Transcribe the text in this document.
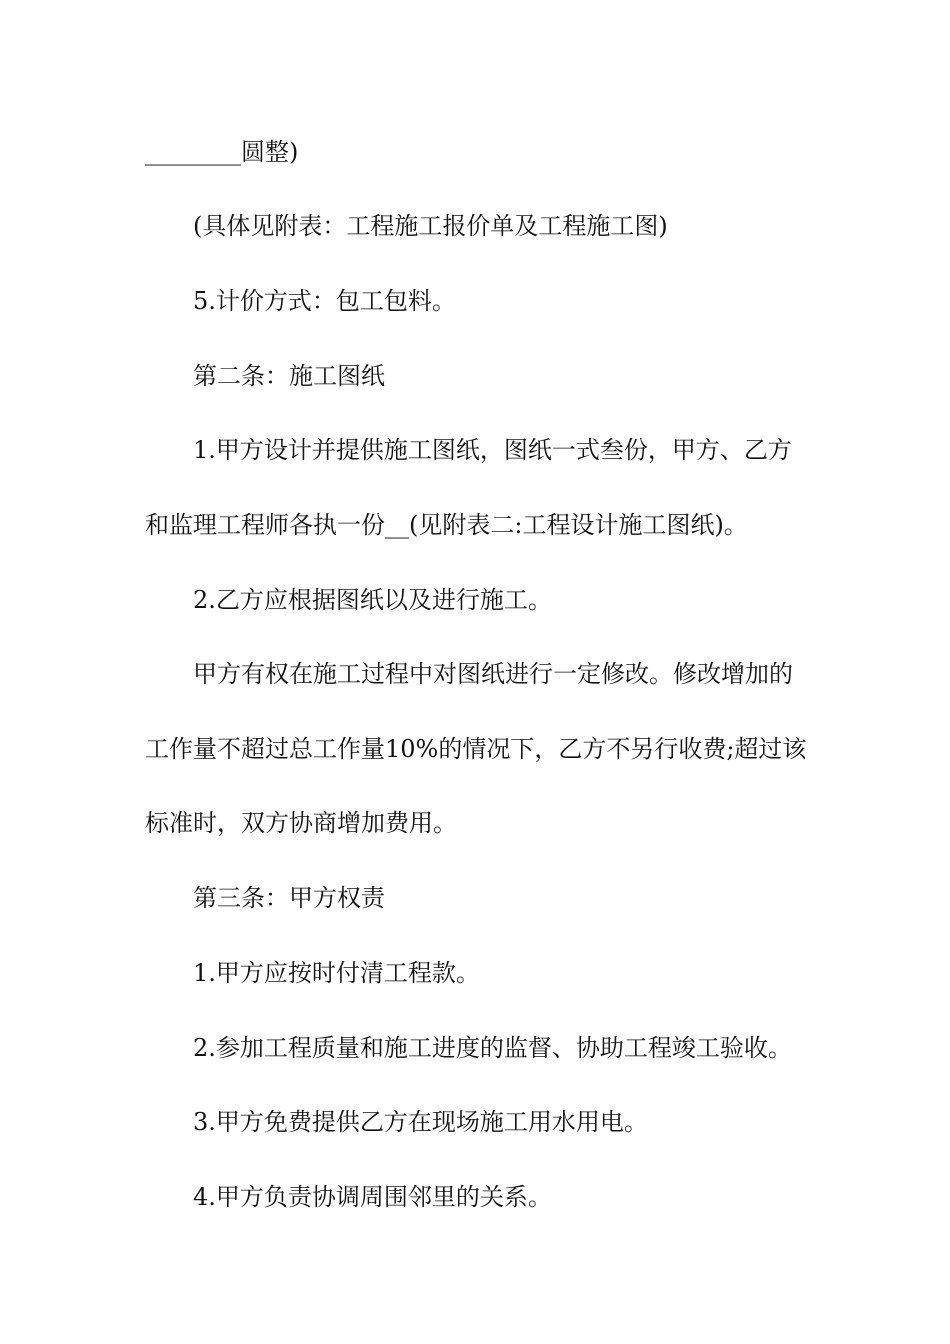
________圆整)
(具体见附表：工程施工报价单及工程施工图)
5.计价方式：包工包料。
第二条：施工图纸
1.甲方设计并提供施工图纸，图纸一式叁份，甲方、乙方
和监理工程师各执一份__(见附表二:工程设计施工图纸)。
2.乙方应根据图纸以及进行施工。
甲方有权在施工过程中对图纸进行一定修改。修改增加的
工作量不超过总工作量10%的情况下，乙方不另行收费;超过该
标准时，双方协商增加费用。
第三条：甲方权责
1.甲方应按时付清工程款。
2.参加工程质量和施工进度的监督、协助工程竣工验收。
3.甲方免费提供乙方在现场施工用水用电。
4.甲方负责协调周围邻里的关系。
